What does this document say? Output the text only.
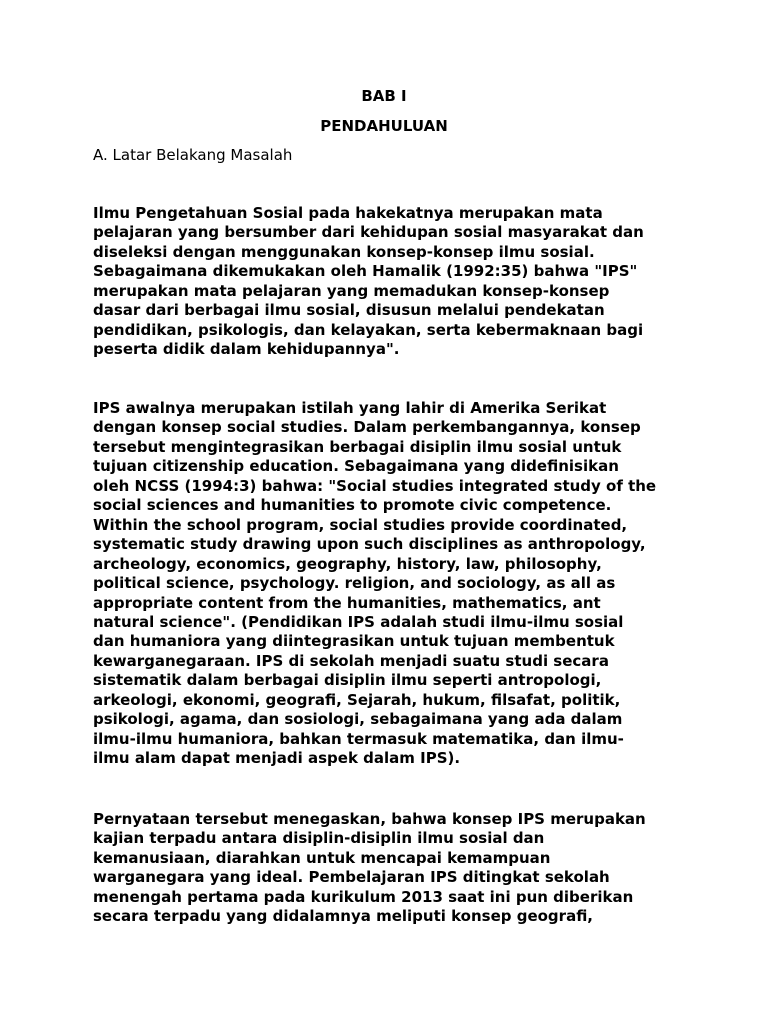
BAB I
PENDAHULUAN
A. Latar Belakang Masalah

Ilmu Pengetahuan Sosial pada hakekatnya merupakan mata
pelajaran yang bersumber dari kehidupan sosial masyarakat dan
diseleksi dengan menggunakan konsep-konsep ilmu sosial.
Sebagaimana dikemukakan oleh Hamalik (1992:35) bahwa "IPS"
merupakan mata pelajaran yang memadukan konsep-konsep
dasar dari berbagai ilmu sosial, disusun melalui pendekatan
pendidikan, psikologis, dan kelayakan, serta kebermaknaan bagi
peserta didik dalam kehidupannya".

IPS awalnya merupakan istilah yang lahir di Amerika Serikat
dengan konsep social studies. Dalam perkembangannya, konsep
tersebut mengintegrasikan berbagai disiplin ilmu sosial untuk
tujuan citizenship education. Sebagaimana yang didefinisikan
oleh NCSS (1994:3) bahwa: "Social studies integrated study of the
social sciences and humanities to promote civic competence.
Within the school program, social studies provide coordinated,
systematic study drawing upon such disciplines as anthropology,
archeology, economics, geography, history, law, philosophy,
political science, psychology. religion, and sociology, as all as
appropriate content from the humanities, mathematics, ant
natural science". (Pendidikan IPS adalah studi ilmu-ilmu sosial
dan humaniora yang diintegrasikan untuk tujuan membentuk
kewarganegaraan. IPS di sekolah menjadi suatu studi secara
sistematik dalam berbagai disiplin ilmu seperti antropologi,
arkeologi, ekonomi, geografi, Sejarah, hukum, filsafat, politik,
psikologi, agama, dan sosiologi, sebagaimana yang ada dalam
ilmu-ilmu humaniora, bahkan termasuk matematika, dan ilmu-
ilmu alam dapat menjadi aspek dalam IPS).

Pernyataan tersebut menegaskan, bahwa konsep IPS merupakan
kajian terpadu antara disiplin-disiplin ilmu sosial dan
kemanusiaan, diarahkan untuk mencapai kemampuan
warganegara yang ideal. Pembelajaran IPS ditingkat sekolah
menengah pertama pada kurikulum 2013 saat ini pun diberikan
secara terpadu yang didalamnya meliputi konsep geografi,
